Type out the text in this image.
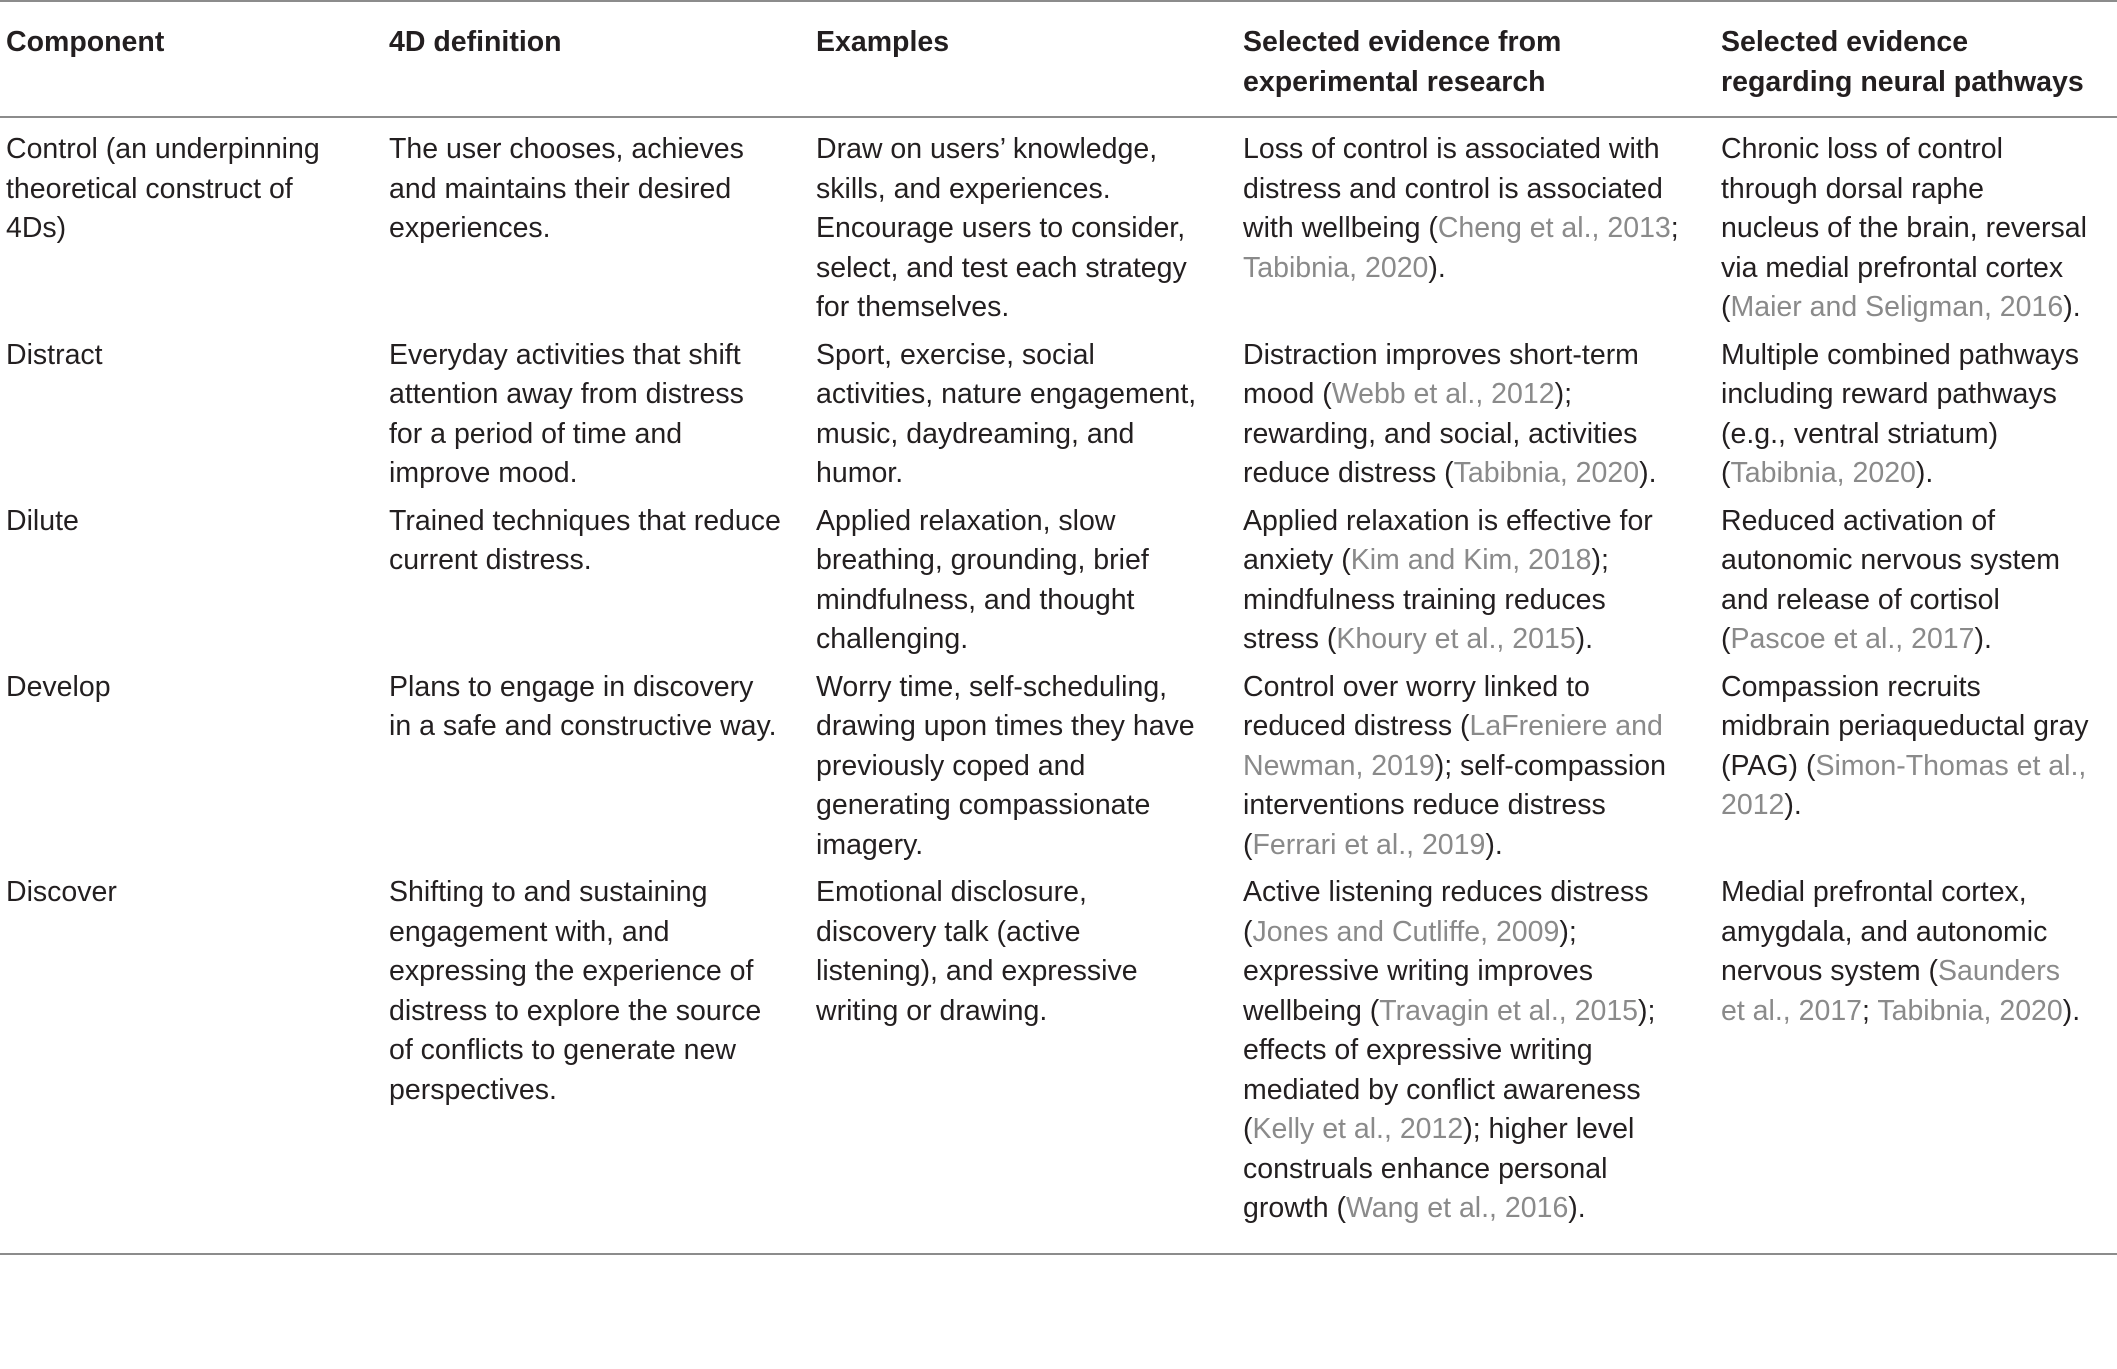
Component	4D definition	Examples	Selected evidence from experimental research	Selected evidence regarding neural pathways
Control (an underpinning theoretical construct of 4Ds)	The user chooses, achieves and maintains their desired experiences.	Draw on users’ knowledge, skills, and experiences. Encourage users to consider, select, and test each strategy for themselves.	Loss of control is associated with distress and control is associated with wellbeing (Cheng et al., 2013; Tabibnia, 2020).	Chronic loss of control through dorsal raphe nucleus of the brain, reversal via medial prefrontal cortex (Maier and Seligman, 2016).
Distract	Everyday activities that shift attention away from distress for a period of time and improve mood.	Sport, exercise, social activities, nature engagement, music, daydreaming, and humor.	Distraction improves short-term mood (Webb et al., 2012); rewarding, and social, activities reduce distress (Tabibnia, 2020).	Multiple combined pathways including reward pathways (e.g., ventral striatum) (Tabibnia, 2020).
Dilute	Trained techniques that reduce current distress.	Applied relaxation, slow breathing, grounding, brief mindfulness, and thought challenging.	Applied relaxation is effective for anxiety (Kim and Kim, 2018); mindfulness training reduces stress (Khoury et al., 2015).	Reduced activation of autonomic nervous system and release of cortisol (Pascoe et al., 2017).
Develop	Plans to engage in discovery in a safe and constructive way.	Worry time, self-scheduling, drawing upon times they have previously coped and generating compassionate imagery.	Control over worry linked to reduced distress (LaFreniere and Newman, 2019); self-compassion interventions reduce distress (Ferrari et al., 2019).	Compassion recruits midbrain periaqueductal gray (PAG) (Simon-Thomas et al., 2012).
Discover	Shifting to and sustaining engagement with, and expressing the experience of distress to explore the source of conflicts to generate new perspectives.	Emotional disclosure, discovery talk (active listening), and expressive writing or drawing.	Active listening reduces distress (Jones and Cutliffe, 2009); expressive writing improves wellbeing (Travagin et al., 2015); effects of expressive writing mediated by conflict awareness (Kelly et al., 2012); higher level construals enhance personal growth (Wang et al., 2016).	Medial prefrontal cortex, amygdala, and autonomic nervous system (Saunders et al., 2017; Tabibnia, 2020).
